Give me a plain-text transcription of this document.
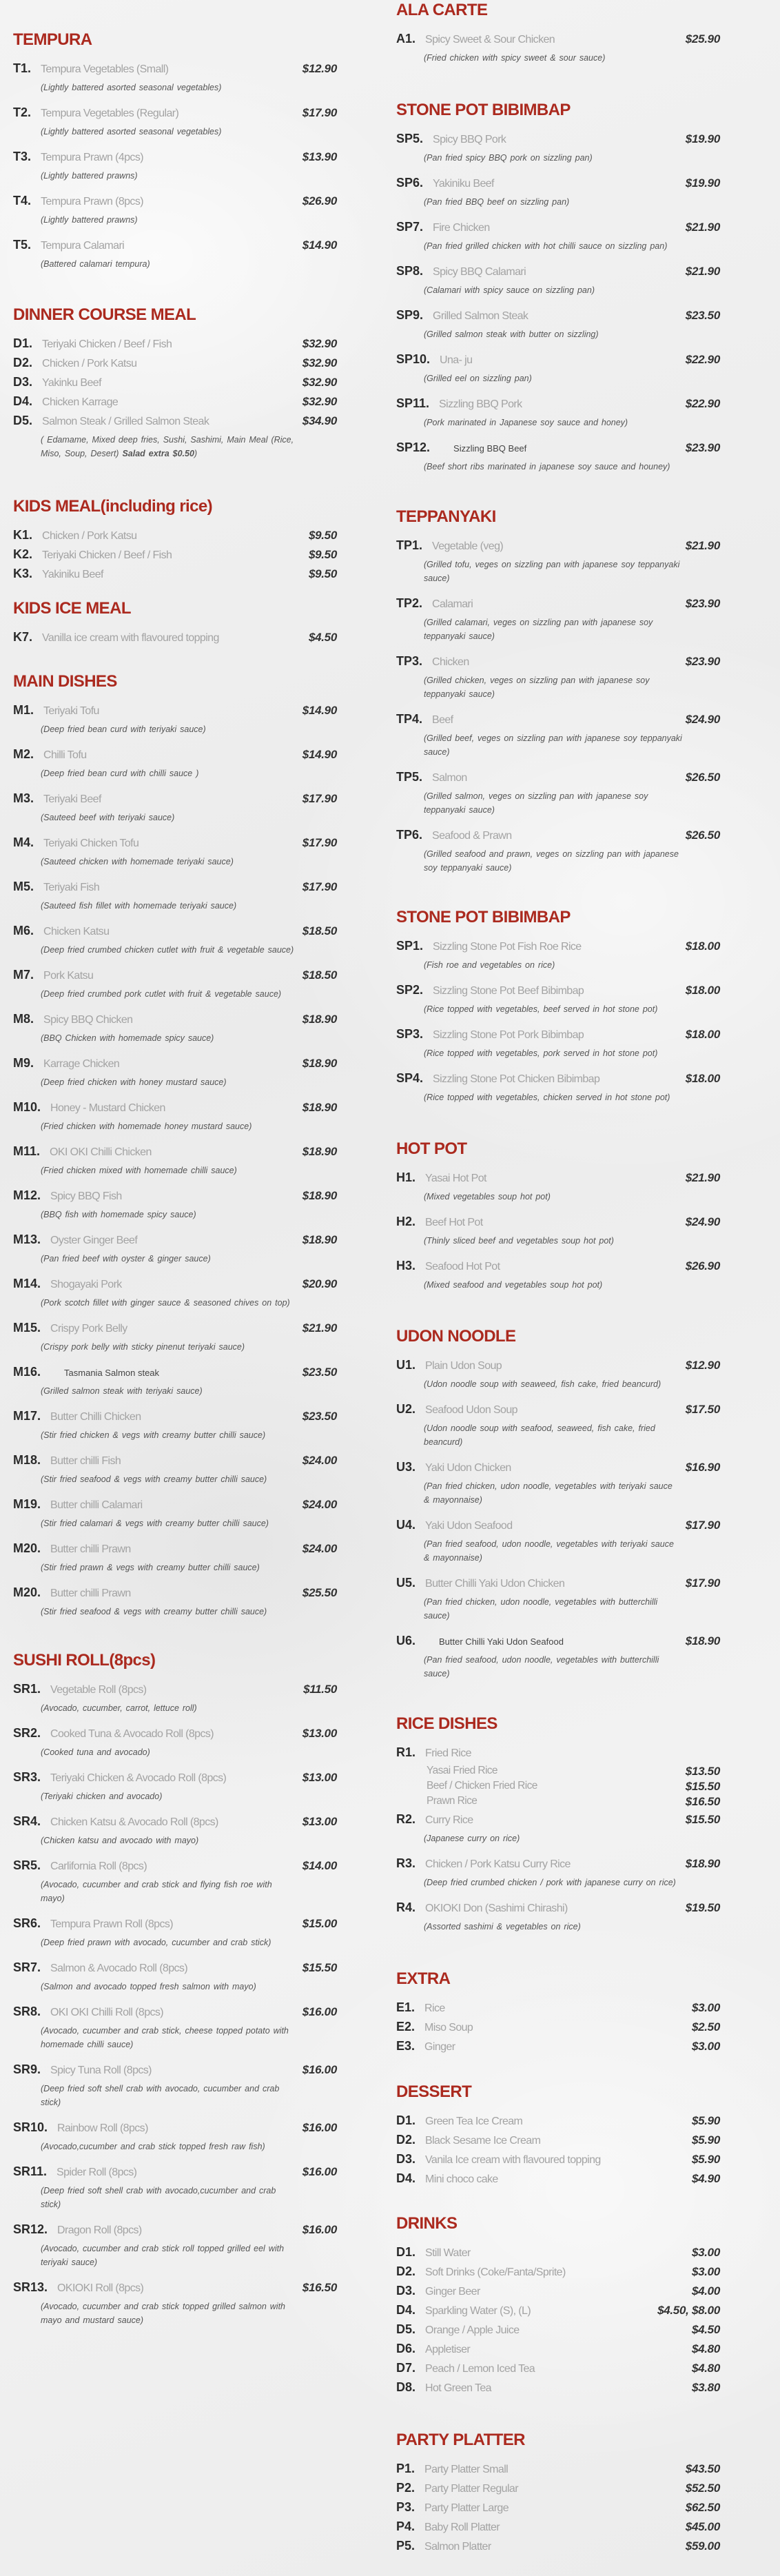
TEMPURA
T1. Tempura Vegetables (Small)	$12.90
(Lightly battered asorted seasonal vegetables)
T2. Tempura Vegetables (Regular)	$17.90
(Lightly battered asorted seasonal vegetables)
T3. Tempura Prawn (4pcs)	$13.90
(Lightly battered prawns)
T4. Tempura Prawn (8pcs)	$26.90
(Lightly battered prawns)
T5. Tempura Calamari	$14.90
(Battered calamari tempura)
DINNER COURSE MEAL
D1. Teriyaki Chicken / Beef / Fish	$32.90
D2. Chicken / Pork Katsu	$32.90
D3. Yakinku Beef	$32.90
D4. Chicken Karrage	$32.90
D5. Salmon Steak / Grilled Salmon Steak	$34.90
( Edamame, Mixed deep fries, Sushi, Sashimi, Main Meal (Rice,
Miso, Soup, Desert) Salad extra $0.50)
KIDS MEAL(including rice)
K1. Chicken / Pork Katsu	$9.50
K2. Teriyaki Chicken / Beef / Fish	$9.50
K3. Yakiniku Beef	$9.50
KIDS ICE MEAL
K7. Vanilla ice cream with flavoured topping	$4.50
MAIN DISHES
M1. Teriyaki Tofu	$14.90
(Deep fried bean curd with teriyaki sauce)
M2. Chilli Tofu	$14.90
(Deep fried bean curd with chilli sauce )
M3. Teriyaki Beef	$17.90
(Sauteed beef with teriyaki sauce)
M4. Teriyaki Chicken Tofu	$17.90
(Sauteed chicken with homemade teriyaki sauce)
M5. Teriyaki Fish	$17.90
(Sauteed fish fillet with homemade teriyaki sauce)
M6. Chicken Katsu	$18.50
(Deep fried crumbed chicken cutlet with fruit & vegetable sauce)
M7. Pork Katsu	$18.50
(Deep fried crumbed pork cutlet with fruit & vegetable sauce)
M8. Spicy BBQ Chicken	$18.90
(BBQ Chicken with homemade spicy sauce)
M9. Karrage Chicken	$18.90
(Deep fried chicken with honey mustard sauce)
M10. Honey - Mustard Chicken	$18.90
(Fried chicken with homemade honey mustard sauce)
M11. OKI OKI Chilli Chicken	$18.90
(Fried chicken mixed with homemade chilli sauce)
M12. Spicy BBQ Fish	$18.90
(BBQ fish with homemade spicy sauce)
M13. Oyster Ginger Beef	$18.90
(Pan fried beef with oyster & ginger sauce)
M14. Shogayaki Pork	$20.90
(Pork scotch fillet with ginger sauce & seasoned chives on top)
M15. Crispy Pork Belly	$21.90
(Crispy pork belly with sticky pinenut teriyaki sauce)
M16.	Tasmania Salmon steak	$23.50
(Grilled salmon steak with teriyaki sauce)
M17. Butter Chilli Chicken	$23.50
(Stir fried chicken & vegs with creamy butter chilli sauce)
M18. Butter chilli Fish	$24.00
(Stir fried seafood & vegs with creamy butter chilli sauce)
M19. Butter chilli Calamari	$24.00
(Stir fried calamari & vegs with creamy butter chilli sauce)
M20. Butter chilli Prawn	$24.00
(Stir fried prawn & vegs with creamy butter chilli sauce)
M20. Butter chilli Prawn	$25.50
(Stir fried seafood & vegs with creamy butter chilli sauce)
SUSHI ROLL(8pcs)
SR1. Vegetable Roll (8pcs)	$11.50
(Avocado, cucumber, carrot, lettuce roll)
SR2. Cooked Tuna & Avocado Roll (8pcs)	$13.00
(Cooked tuna and avocado)
SR3. Teriyaki Chicken & Avocado Roll (8pcs)	$13.00
(Teriyaki chicken and avocado)
SR4. Chicken Katsu & Avocado Roll (8pcs)	$13.00
(Chicken katsu and avocado with mayo)
SR5. Carlifornia Roll (8pcs)	$14.00
(Avocado, cucumber and crab stick and flying fish roe with
mayo)
SR6. Tempura Prawn Roll (8pcs)	$15.00
(Deep fried prawn with avocado, cucumber and crab stick)
SR7. Salmon & Avocado Roll (8pcs)	$15.50
(Salmon and avocado topped fresh salmon with mayo)
SR8. OKI OKI Chilli Roll (8pcs)	$16.00
(Avocado, cucumber and crab stick, cheese topped potato with
homemade chilli sauce)
SR9. Spicy Tuna Roll (8pcs)	$16.00
(Deep fried soft shell crab with avocado, cucumber and crab
stick)
SR10. Rainbow Roll (8pcs)	$16.00
(Avocado,cucumber and crab stick topped fresh raw fish)
SR11. Spider Roll (8pcs)	$16.00
(Deep fried soft shell crab with avocado,cucumber and crab
stick)
SR12. Dragon Roll (8pcs)	$16.00
(Avocado, cucumber and crab stick roll topped grilled eel with
teriyaki sauce)
SR13. OKIOKI Roll (8pcs)	$16.50
(Avocado, cucumber and crab stick topped grilled salmon with
mayo and mustard sauce)
ALA CARTE
A1. Spicy Sweet & Sour Chicken	$25.90
(Fried chicken with spicy sweet & sour sauce)
STONE POT BIBIMBAP
SP5. Spicy BBQ Pork	$19.90
(Pan fried spicy BBQ pork on sizzling pan)
SP6. Yakiniku Beef	$19.90
(Pan fried BBQ beef on sizzling pan)
SP7. Fire Chicken	$21.90
(Pan fried grilled chicken with hot chilli sauce on sizzling pan)
SP8. Spicy BBQ Calamari	$21.90
(Calamari with spicy sauce on sizzling pan)
SP9. Grilled Salmon Steak	$23.50
(Grilled salmon steak with butter on sizzling)
SP10. Una- ju	$22.90
(Grilled eel on sizzling pan)
SP11. Sizzling BBQ Pork	$22.90
(Pork marinated in Japanese soy sauce and honey)
SP12.	Sizzling BBQ Beef	$23.90
(Beef short ribs marinated in japanese soy sauce and houney)
TEPPANYAKI
TP1. Vegetable (veg)	$21.90
(Grilled tofu, veges on sizzling pan with japanese soy teppanyaki
sauce)
TP2. Calamari	$23.90
(Grilled calamari, veges on sizzling pan with japanese soy
teppanyaki sauce)
TP3. Chicken	$23.90
(Grilled chicken, veges on sizzling pan with japanese soy
teppanyaki sauce)
TP4. Beef	$24.90
(Grilled beef, veges on sizzling pan with japanese soy teppanyaki
sauce)
TP5. Salmon	$26.50
(Grilled salmon, veges on sizzling pan with japanese soy
teppanyaki sauce)
TP6. Seafood & Prawn	$26.50
(Grilled seafood and prawn, veges on sizzling pan with japanese
soy teppanyaki sauce)
STONE POT BIBIMBAP
SP1. Sizzling Stone Pot Fish Roe Rice	$18.00
(Fish roe and vegetables on rice)
SP2. Sizzling Stone Pot Beef Bibimbap	$18.00
(Rice topped with vegetables, beef served in hot stone pot)
SP3. Sizzling Stone Pot Pork Bibimbap	$18.00
(Rice topped with vegetables, pork served in hot stone pot)
SP4. Sizzling Stone Pot Chicken Bibimbap	$18.00
(Rice topped with vegetables, chicken served in hot stone pot)
HOT POT
H1. Yasai Hot Pot	$21.90
(Mixed vegetables soup hot pot)
H2. Beef Hot Pot	$24.90
(Thinly sliced beef and vegetables soup hot pot)
H3. Seafood Hot Pot	$26.90
(Mixed seafood and vegetables soup hot pot)
UDON NOODLE
U1. Plain Udon Soup	$12.90
(Udon noodle soup with seaweed, fish cake, fried beancurd)
U2. Seafood Udon Soup	$17.50
(Udon noodle soup with seafood, seaweed, fish cake, fried
beancurd)
U3. Yaki Udon Chicken	$16.90
(Pan fried chicken, udon noodle, vegetables with teriyaki sauce
& mayonnaise)
U4. Yaki Udon Seafood	$17.90
(Pan fried seafood, udon noodle, vegetables with teriyaki sauce
& mayonnaise)
U5. Butter Chilli Yaki Udon Chicken	$17.90
(Pan fried chicken, udon noodle, vegetables with butterchilli
sauce)
U6.	Butter Chilli Yaki Udon Seafood	$18.90
(Pan fried seafood, udon noodle, vegetables with butterchilli
sauce)
RICE DISHES
R1. Fried Rice
Yasai Fried Rice	$13.50
Beef / Chicken Fried Rice	$15.50
Prawn Rice	$16.50
R2. Curry Rice	$15.50
(Japanese curry on rice)
R3. Chicken / Pork Katsu Curry Rice	$18.90
(Deep fried crumbed chicken / pork with japanese curry on rice)
R4. OKIOKI Don (Sashimi Chirashi)	$19.50
(Assorted sashimi & vegetables on rice)
EXTRA
E1. Rice	$3.00
E2. Miso Soup	$2.50
E3. Ginger	$3.00
DESSERT
D1. Green Tea Ice Cream	$5.90
D2. Black Sesame Ice Cream	$5.90
D3. Vanila Ice cream with flavoured topping	$5.90
D4. Mini choco cake	$4.90
DRINKS
D1. Still Water	$3.00
D2. Soft Drinks (Coke/Fanta/Sprite)	$3.00
D3. Ginger Beer	$4.00
D4. Sparkling Water (S), (L)	$4.50, $8.00
D5. Orange / Apple Juice	$4.50
D6. Appletiser	$4.80
D7. Peach / Lemon Iced Tea	$4.80
D8. Hot Green Tea	$3.80
PARTY PLATTER
P1. Party Platter Small	$43.50
P2. Party Platter Regular	$52.50
P3. Party Platter Large	$62.50
P4. Baby Roll Platter	$45.00
P5. Salmon Platter	$59.00
